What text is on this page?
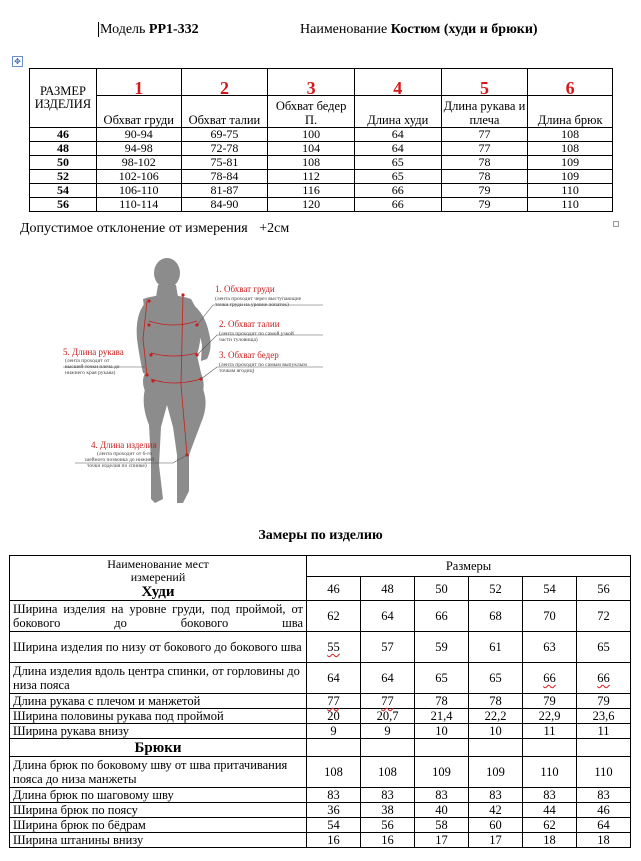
Модель РР1-332	Наименование Костюм (худи и брюки)
✥
РАЗМЕР ИЗДЕЛИЯ	1	2	3	4	5	6
	Обхват груди	Обхват талии	Обхват бедер П.	Длина худи	Длина рукава и плеча	Длина брюк
46	90-94	69-75	100	64	77	108
48	94-98	72-78	104	64	77	108
50	98-102	75-81	108	65	78	109
52	102-106	78-84	112	65	78	109
54	106-110	81-87	116	66	79	110
56	110-114	84-90	120	66	79	110
Допустимое отклонение от измерения +2см
1. Обхват груди
(лента проходит через выступающие
точки груди на уровне лопаток)
2. Обхват талии
(лента проходит по самой узкой
части туловища)
3. Обхват бедер
(лента проходит по самым выпуклым
точкам ягодиц)
5. Длина рукава
(лента проходит от
высшей точки плеча до
нижнего края рукава)
4. Длина изделия
(лента проходит от 6-го
шейного позвонка до нижней
точки изделия по спинке)
Замеры по изделию
Наименование мест измерений
Худи	Размеры					
	46	48	50	52	54	56
Ширина изделия на уровне груди, под проймой, от бокового до бокового шва	62	64	66	68	70	72
Ширина изделия по низу от бокового до бокового шва	55	57	59	61	63	65
Длина изделия вдоль центра спинки, от горловины до низа пояса	64	64	65	65	66	66
Длина рукава с плечом и манжетой	77	77	78	78	79	79
Ширина половины рукава под проймой	20	20,7	21,4	22,2	22,9	23,6
Ширина рукава внизу	9	9	10	10	11	11
Брюки						
Длина брюк по боковому шву от шва притачивания пояса до низа манжеты	108	108	109	109	110	110
Длина брюк по шаговому шву	83	83	83	83	83	83
Ширина брюк по поясу	36	38	40	42	44	46
Ширина брюк по бёдрам	54	56	58	60	62	64
Ширина штанины внизу	16	16	17	17	18	18
